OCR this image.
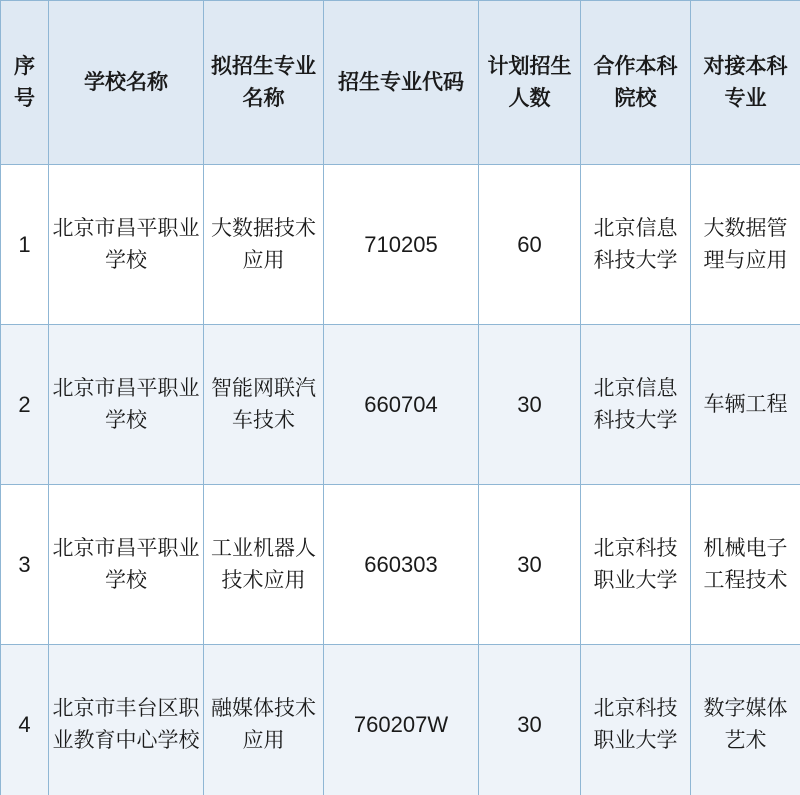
序号	学校名称	拟招生专业名称	招生专业代码	计划招生人数	合作本科院校	对接本科专业
1	北京市昌平职业学校	大数据技术应用	710205	60	北京信息科技大学	大数据管理与应用
2	北京市昌平职业学校	智能网联汽车技术	660704	30	北京信息科技大学	车辆工程
3	北京市昌平职业学校	工业机器人技术应用	660303	30	北京科技职业大学	机械电子工程技术
4	北京市丰台区职业教育中心学校	融媒体技术应用	760207W	30	北京科技职业大学	数字媒体艺术
